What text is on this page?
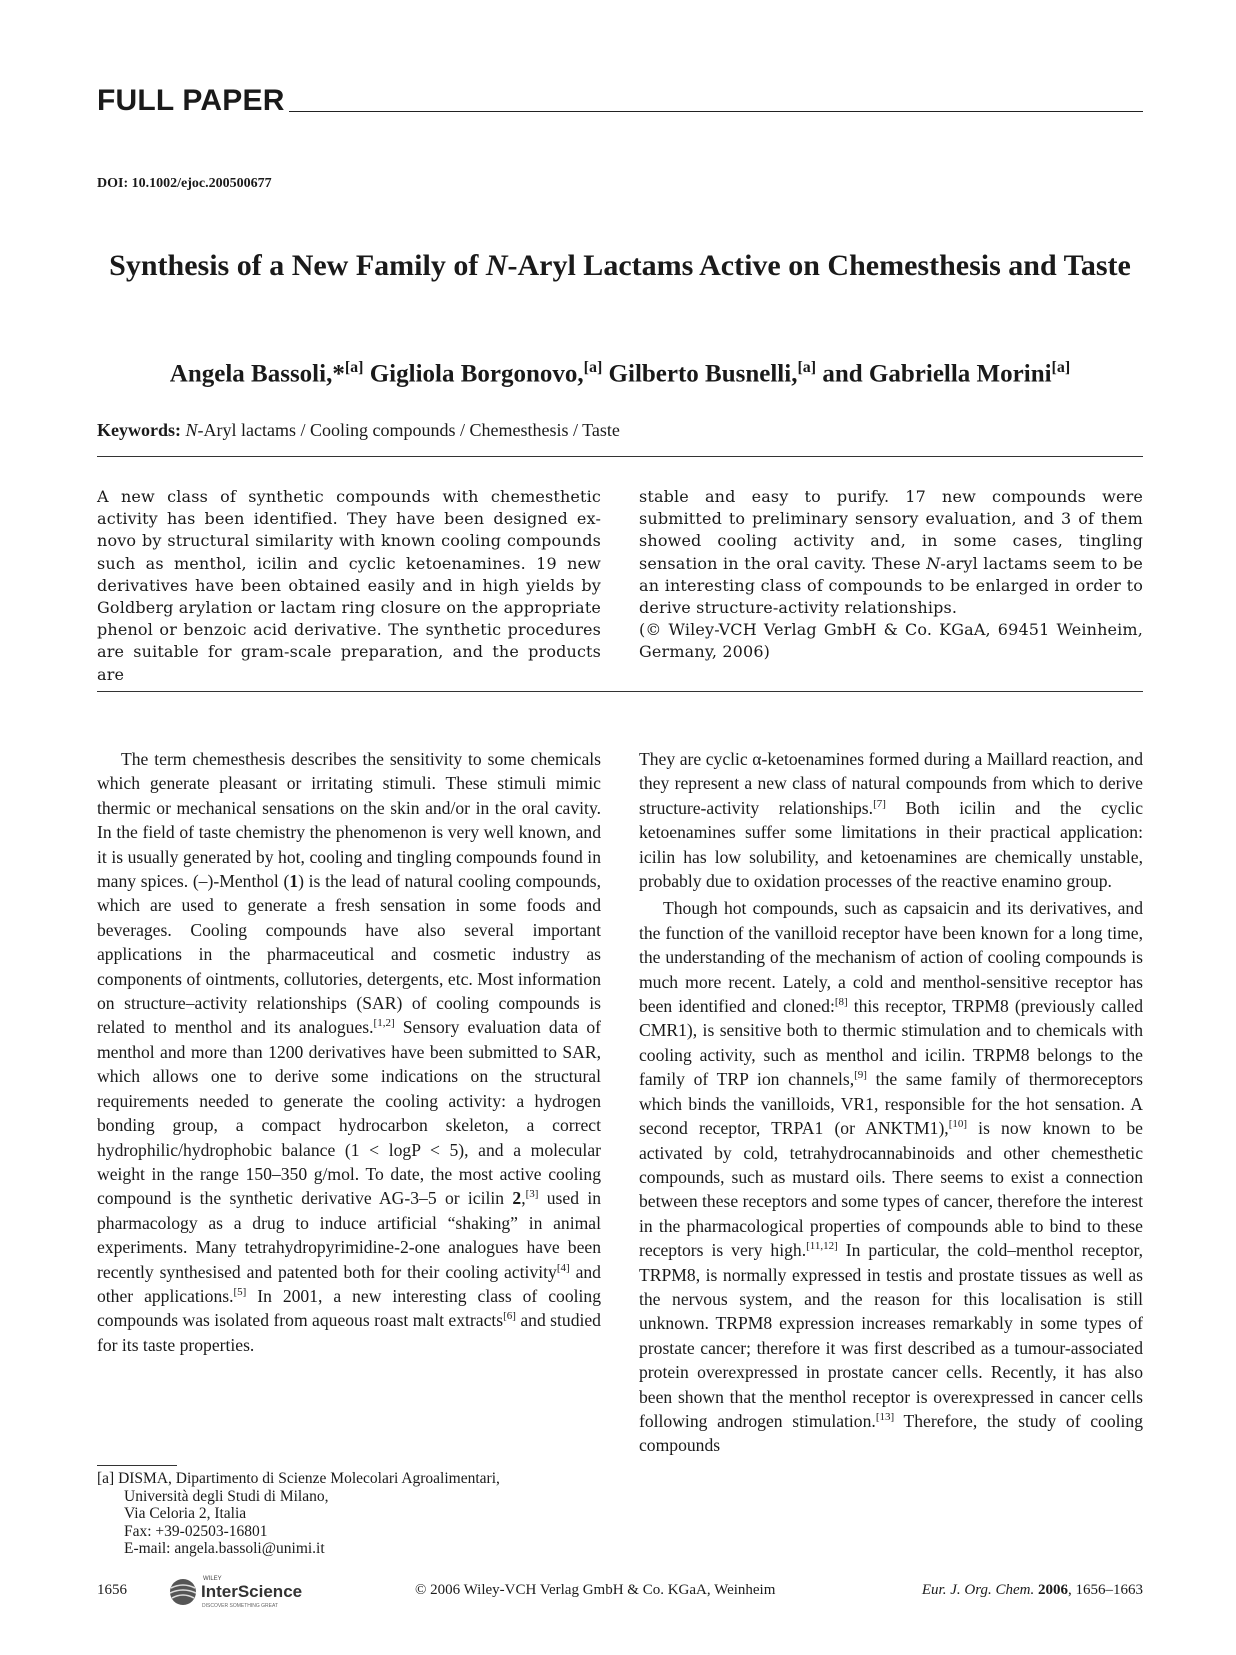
FULL PAPER
DOI: 10.1002/ejoc.200500677
Synthesis of a New Family of N-Aryl Lactams Active on Chemesthesis and Taste
Angela Bassoli,*[a] Gigliola Borgonovo,[a] Gilberto Busnelli,[a] and Gabriella Morini[a]
Keywords: N-Aryl lactams / Cooling compounds / Chemesthesis / Taste

A new class of synthetic compounds with chemesthetic activity has been identified. They have been designed ex-novo by structural similarity with known cooling compounds such as menthol, icilin and cyclic ketoenamines. 19 new derivatives have been obtained easily and in high yields by Goldberg arylation or lactam ring closure on the appropriate phenol or benzoic acid derivative. The synthetic procedures are suitable for gram-scale preparation, and the products are

stable and easy to purify. 17 new compounds were submitted to preliminary sensory evaluation, and 3 of them showed cooling activity and, in some cases, tingling sensation in the oral cavity. These N-aryl lactams seem to be an interesting class of compounds to be enlarged in order to derive structure-activity relationships.

(© Wiley-VCH Verlag GmbH & Co. KGaA, 69451 Weinheim, Germany, 2006)

The term chemesthesis describes the sensitivity to some chemicals which generate pleasant or irritating stimuli. These stimuli mimic thermic or mechanical sensations on the skin and/or in the oral cavity. In the field of taste chemistry the phenomenon is very well known, and it is usually generated by hot, cooling and tingling compounds found in many spices. (–)-Menthol (1) is the lead of natural cooling compounds, which are used to generate a fresh sensation in some foods and beverages. Cooling compounds have also several important applications in the pharmaceutical and cosmetic industry as components of ointments, collutories, detergents, etc. Most information on structure–activity relationships (SAR) of cooling compounds is related to menthol and its analogues.[1,2] Sensory evaluation data of menthol and more than 1200 derivatives have been submitted to SAR, which allows one to derive some indications on the structural requirements needed to generate the cooling activity: a hydrogen bonding group, a compact hydrocarbon skeleton, a correct hydrophilic/hydrophobic balance (1 < logP < 5), and a molecular weight in the range 150–350 g/mol. To date, the most active cooling compound is the synthetic derivative AG-3–5 or icilin 2,[3] used in pharmacology as a drug to induce artificial “shaking” in animal experiments. Many tetrahydropyrimidine-2-one analogues have been recently synthesised and patented both for their cooling activity[4] and other applications.[5] In 2001, a new interesting class of cooling compounds was isolated from aqueous roast malt extracts[6] and studied for its taste properties.

They are cyclic α-ketoenamines formed during a Maillard reaction, and they represent a new class of natural compounds from which to derive structure-activity relationships.[7] Both icilin and the cyclic ketoenamines suffer some limitations in their practical application: icilin has low solubility, and ketoenamines are chemically unstable, probably due to oxidation processes of the reactive enamino group.

Though hot compounds, such as capsaicin and its derivatives, and the function of the vanilloid receptor have been known for a long time, the understanding of the mechanism of action of cooling compounds is much more recent. Lately, a cold and menthol-sensitive receptor has been identified and cloned:[8] this receptor, TRPM8 (previously called CMR1), is sensitive both to thermic stimulation and to chemicals with cooling activity, such as menthol and icilin. TRPM8 belongs to the family of TRP ion channels,[9] the same family of thermoreceptors which binds the vanilloids, VR1, responsible for the hot sensation. A second receptor, TRPA1 (or ANKTM1),[10] is now known to be activated by cold, tetrahydrocannabinoids and other chemesthetic compounds, such as mustard oils. There seems to exist a connection between these receptors and some types of cancer, therefore the interest in the pharmacological properties of compounds able to bind to these receptors is very high.[11,12] In particular, the cold–menthol receptor, TRPM8, is normally expressed in testis and prostate tissues as well as the nervous system, and the reason for this localisation is still unknown. TRPM8 expression increases remarkably in some types of prostate cancer; therefore it was first described as a tumour-associated protein overexpressed in prostate cancer cells. Recently, it has also been shown that the menthol receptor is overexpressed in cancer cells following androgen stimulation.[13] Therefore, the study of cooling compounds

[a] DISMA, Dipartimento di Scienze Molecolari Agroalimentari,
Università degli Studi di Milano,
Via Celoria 2, Italia
Fax: +39-02503-16801
E-mail: angela.bassoli@unimi.it
1656
WILEY
InterScience
DISCOVER SOMETHING GREAT
© 2006 Wiley-VCH Verlag GmbH & Co. KGaA, Weinheim	Eur. J. Org. Chem. 2006, 1656–1663
